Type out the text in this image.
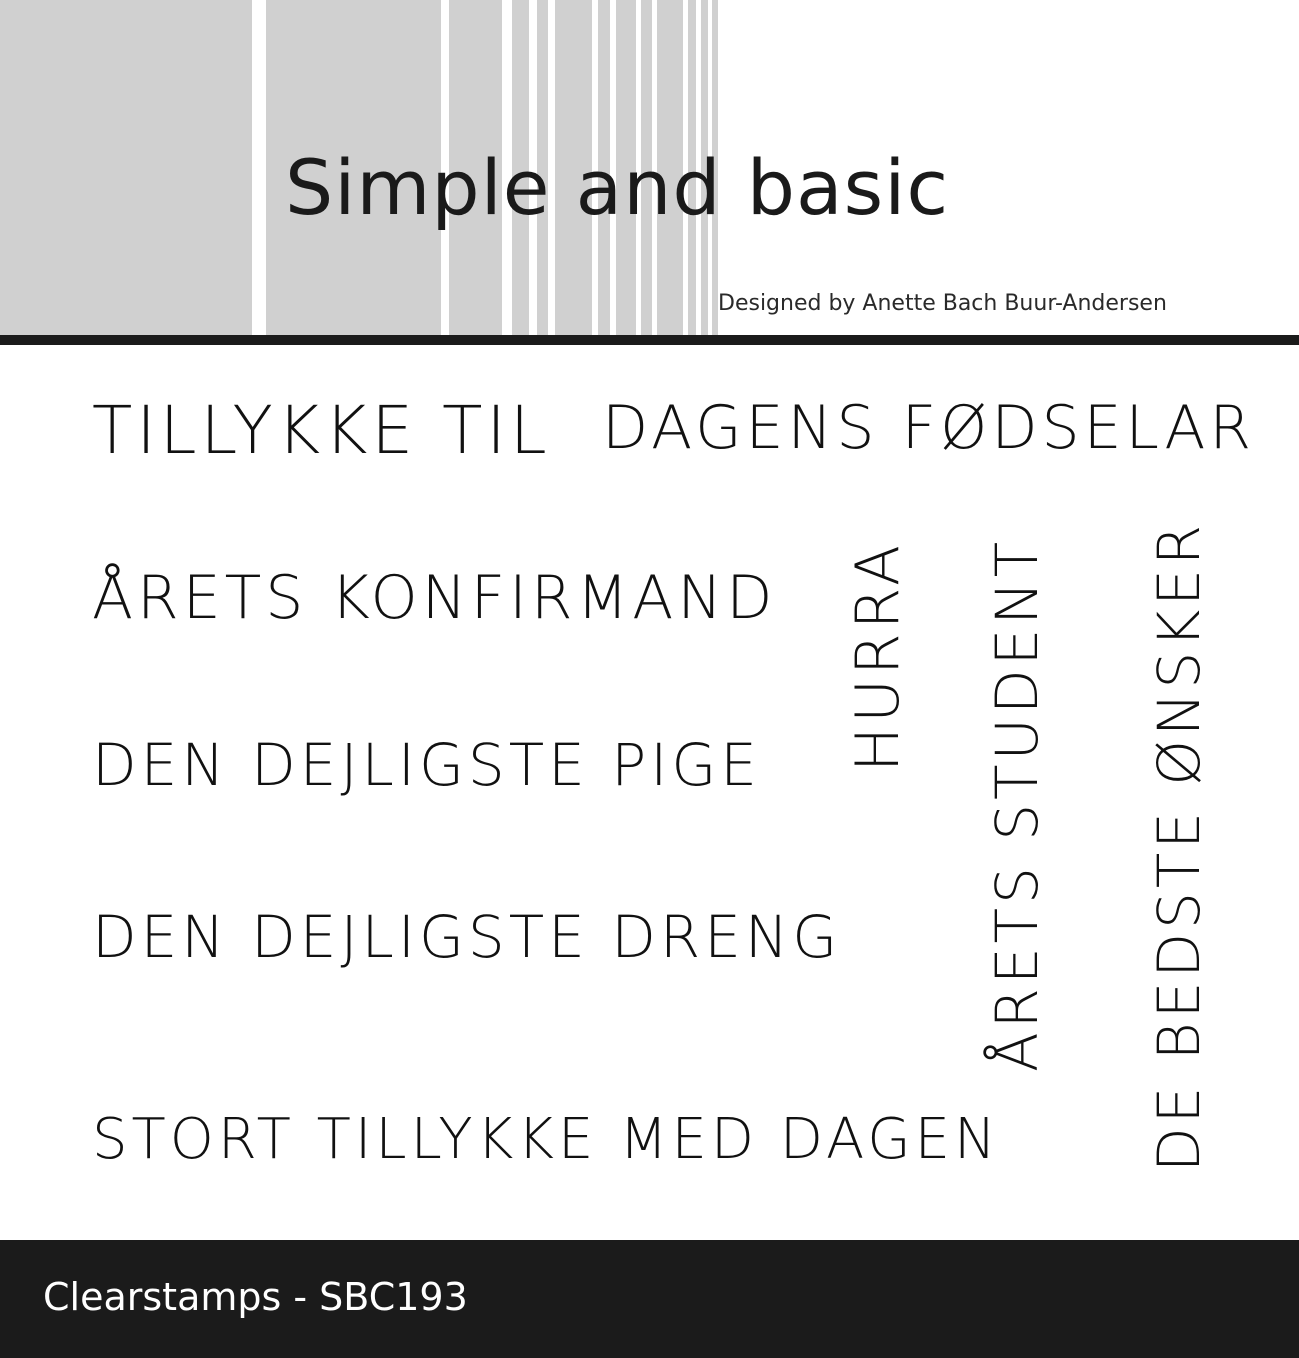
Simple and basic
Designed by Anette Bach Buur-Andersen
TILLYKKE TIL DAGENS FØDSELAR
ÅRETS KONFIRMAND
DEN DEJLIGSTE PIGE
DEN DEJLIGSTE DRENG
STORT TILLYKKE MED DAGEN
HURRA ÅRETS STUDENT DE BEDSTE ØNSKER
Clearstamps - SBC193
